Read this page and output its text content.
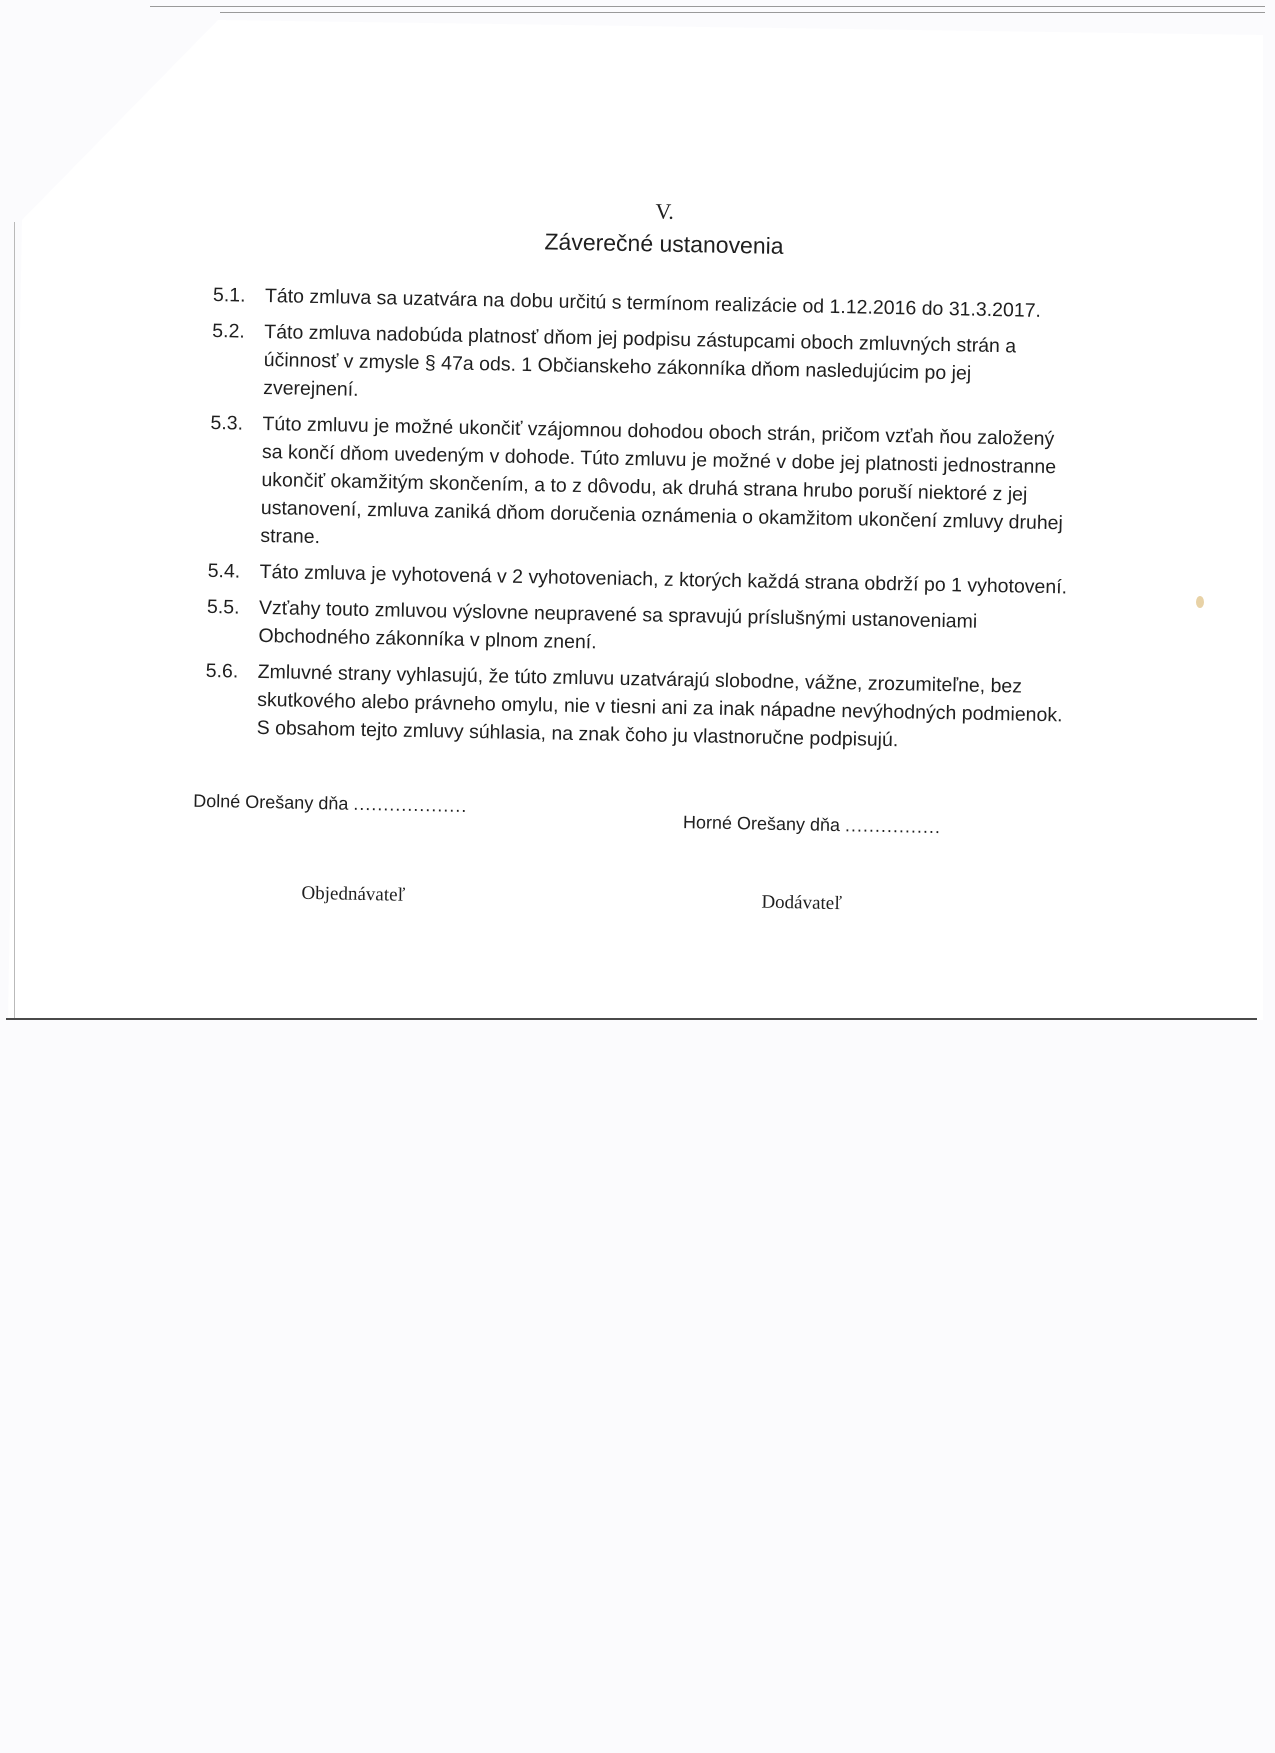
V.

Záverečné ustanovenia

5.1. Táto zmluva sa uzatvára na dobu určitú s termínom realizácie od 1.12.2016 do 31.3.2017.
5.2. Táto zmluva nadobúda platnosť dňom jej podpisu zástupcami oboch zmluvných strán a účinnosť v zmysle § 47a ods. 1 Občianskeho zákonníka dňom nasledujúcim po jej zverejnení.
5.3. Túto zmluvu je možné ukončiť vzájomnou dohodou oboch strán, pričom vzťah ňou založený sa končí dňom uvedeným v dohode. Túto zmluvu je možné v dobe jej platnosti jednostranne ukončiť okamžitým skončením, a to z dôvodu, ak druhá strana hrubo poruší niektoré z jej ustanovení, zmluva zaniká dňom doručenia oznámenia o okamžitom ukončení zmluvy druhej strane.
5.4. Táto zmluva je vyhotovená v 2 vyhotoveniach, z ktorých každá strana obdrží po 1 vyhotovení.
5.5. Vzťahy touto zmluvou výslovne neupravené sa spravujú príslušnými ustanoveniami Obchodného zákonníka v plnom znení.
5.6. Zmluvné strany vyhlasujú, že túto zmluvu uzatvárajú slobodne, vážne, zrozumiteľne, bez skutkového alebo právneho omylu, nie v tiesni ani za inak nápadne nevýhodných podmienok. S obsahom tejto zmluvy súhlasia, na znak čoho ju vlastnoručne podpisujú.
Dolné Orešany dňa ...................
Horné Orešany dňa ................
Objednávateľ	Dodávateľ
